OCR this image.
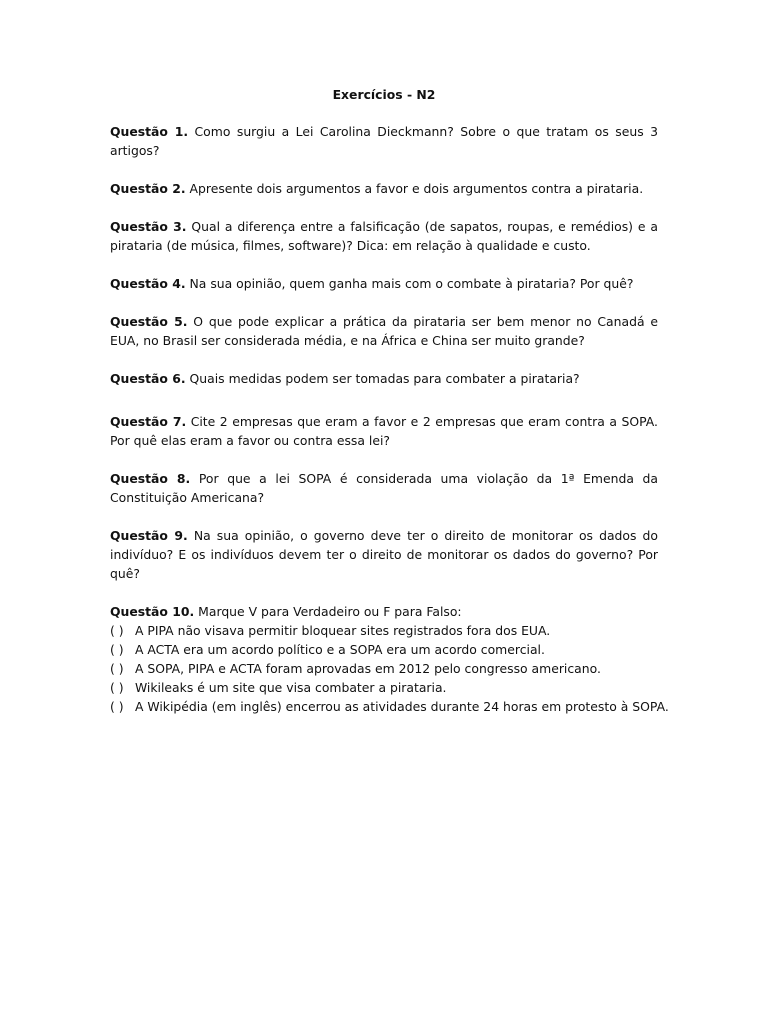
Exercícios - N2

Questão 1. Como surgiu a Lei Carolina Dieckmann? Sobre o que tratam os seus 3 artigos?

Questão 2. Apresente dois argumentos a favor e dois argumentos contra a pirataria.

Questão 3. Qual a diferença entre a falsificação (de sapatos, roupas, e remédios) e a pirataria (de música, filmes, software)? Dica: em relação à qualidade e custo.

Questão 4. Na sua opinião, quem ganha mais com o combate à pirataria? Por quê?

Questão 5. O que pode explicar a prática da pirataria ser bem menor no Canadá e EUA, no Brasil ser considerada média, e na África e China ser muito grande?

Questão 6. Quais medidas podem ser tomadas para combater a pirataria?

Questão 7. Cite 2 empresas que eram a favor e 2 empresas que eram contra a SOPA. Por quê elas eram a favor ou contra essa lei?

Questão 8. Por que a lei SOPA é considerada uma violação da 1ª Emenda da Constituição Americana?

Questão 9. Na sua opinião, o governo deve ter o direito de monitorar os dados do indivíduo? E os indivíduos devem ter o direito de monitorar os dados do governo? Por quê?

Questão 10. Marque V para Verdadeiro ou F para Falso:
( ) A PIPA não visava permitir bloquear sites registrados fora dos EUA.
( ) A ACTA era um acordo político e a SOPA era um acordo comercial.
( ) A SOPA, PIPA e ACTA foram aprovadas em 2012 pelo congresso americano.
( ) Wikileaks é um site que visa combater a pirataria.
( ) A Wikipédia (em inglês) encerrou as atividades durante 24 horas em protesto à SOPA.
